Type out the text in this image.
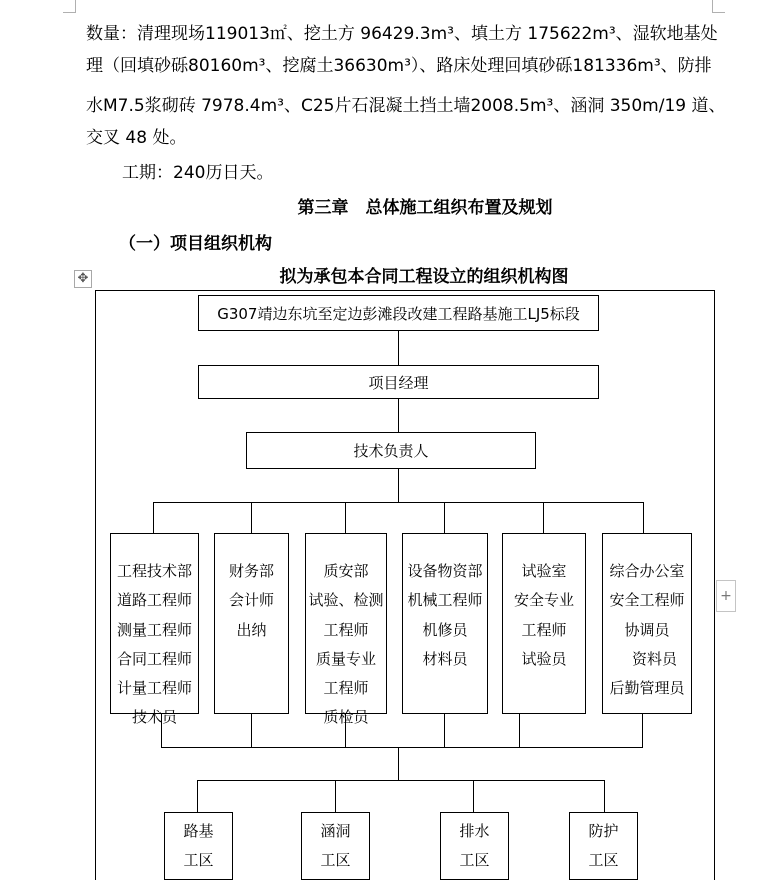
数量：清理现场119013㎡、挖土方 96429.3m³、填土方 175622m³、湿软地基处
理（回填砂砾80160m³、挖腐土36630m³）、路床处理回填砂砾181336m³、防排
水M7.5浆砌砖 7978.4m³、C25片石混凝土挡土墙2008.5m³、涵洞 350m/19 道、
交叉 48 处。
工期：240历日天。
第三章　总体施工组织布置及规划
（一）项目组织机构
✥	拟为承包本合同工程设立的组织机构图
G307靖边东坑至定边彭滩段改建工程路基施工LJ5标段
项目经理
技术负责人
工程技术部
道路工程师
测量工程师
合同工程师
计量工程师
技术员
财务部
会计师
出纳
质安部
试验、检测
工程师
质量专业
工程师
质检员
设备物资部
机械工程师
机修员
材料员
试验室
安全专业
工程师
试验员
综合办公室
安全工程师
协调员
　资料员
后勤管理员
路基
工区
涵洞
工区
排水
工区
防护
工区
+
